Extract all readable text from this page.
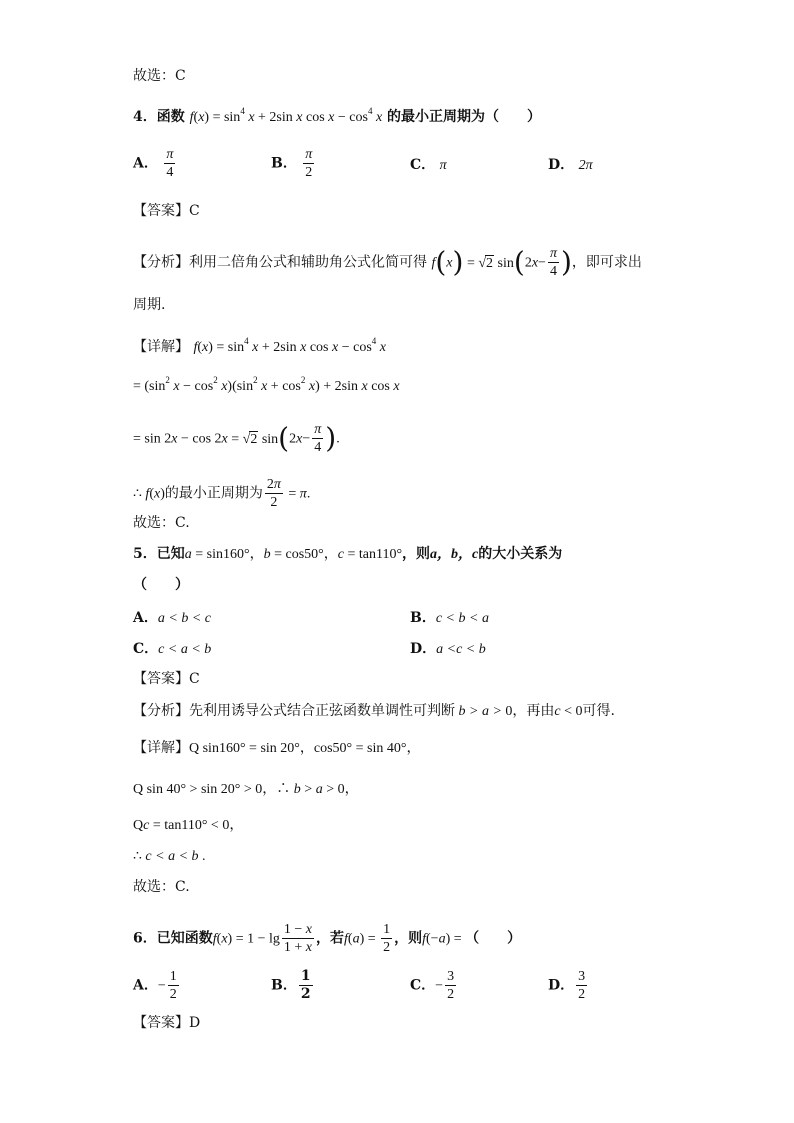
故选：C
4．函数 $f(x) = \sin^4 x + 2\sin$ x $\cos x - \cos^4 x$ 的最小正周期为（　　）
A． $\frac{\pi}{4}$	B． $\frac{\pi}{2}$	C． π	D． 2π
【答案】C
【分析】利用二倍角公式和辅助角公式化简可得 f(x) = √2 $\sin(2x- \frac{\pi}{4}$ )，即可求出
周期.
【详解】 $f(x) = \sin^4 x + 2\sin$ x $\cos x - \cos^4 x$
= ($\sin^2$ $x - \cos^2 x)(\sin^2$ $x + \cos^2 x) + 2\sin$ x cos x
= sin 2x − cos 2x = √2 $\sin(2x- \frac{\pi}{4}$ ).
∴ f(x)的最小正周期为 $\frac{2\pi}{2} = \pi$.
故选：C.
5．已知a = sin160°，b = cos50°，c = tan110°，则a，b，c的大小关系为
（　　）
A．a < b < c	B．c < b < a
C．c < a < b	D．a <c < b
【答案】C
【分析】先利用诱导公式结合正弦函数单调性可判断 b > a > 0，再由c < 0可得.
【详解】Q sin160° = sin 20°，cos50° = sin 40°，
Q sin 40° > sin 20° > 0，∴ b > a > 0，
Qc = tan110° < 0，
∴ c < a < b .
故选：C.
6．已知函数$f(x) = 1 - \lg \frac{1 - x}{1 + x}$ ，若$f(a) = \frac{1}{2}$ ，则f(−a) = （　　）
A．− $\frac{1}{2}$	B． $\frac{1}{2}$	C．− $\frac{3}{2}$	D． $\frac{3}{2}$
【答案】D
